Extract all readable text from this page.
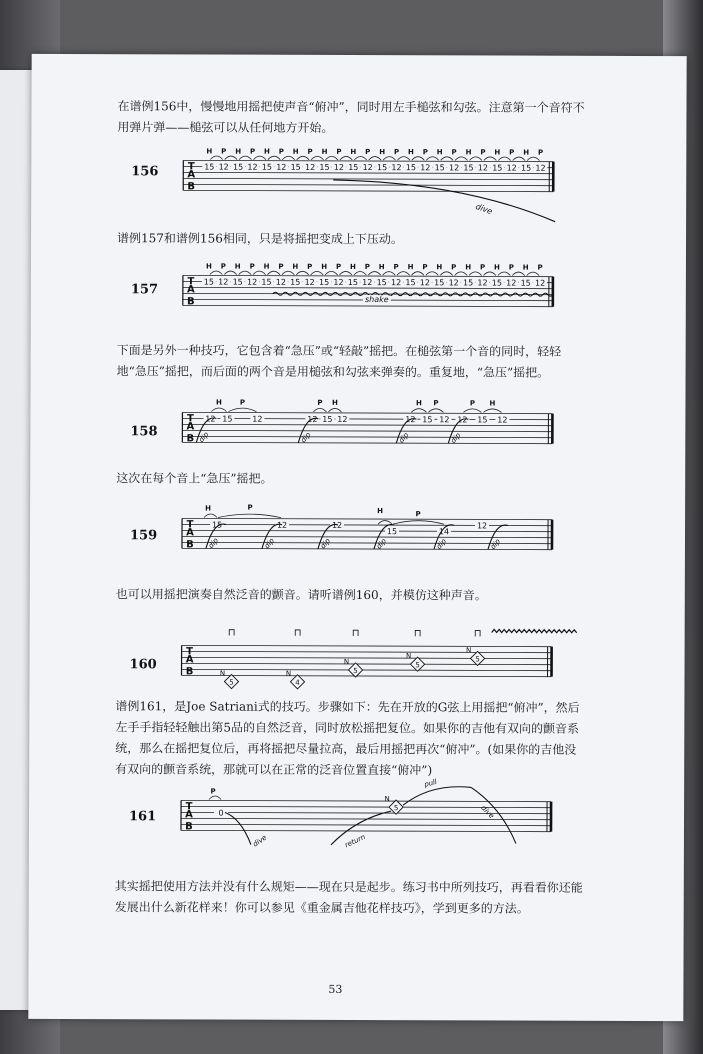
在谱例156中，慢慢地用摇把使声音“俯冲”，同时用左手槌弦和勾弦。注意第一个音符不用弹片弹——槌弦可以从任何地方开始。

156	T
A
B
15
H
12
P
15
H
12
P
15
H
12
P
15
H
12
P
15
H
12
P
15
H
12
P
15
H
12
P
15
H
12
P
15
H
12
P
15
H
12
P
15
H
12
P
15
H
12
P
dive

谱例157和谱例156相同，只是将摇把变成上下压动。

157
T
A
B
15
H
12
P
15
H
12
P
15
H
12
P
15
H
12
P
15
H
12
P
15
H
12
P
15
H
12
P
15
H
12
P
15
H
12
P
15
H
12
P
15
H
12
P
15
H
12
P
shake

下面是另外一种技巧，它包含着“急压”或“轻敲”摇把。在槌弦第一个音的同时，轻轻地“急压”摇把，而后面的两个音是用槌弦和勾弦来弹奏的。重复地，“急压”摇把。

158
T
A
B
12
H
15
P
12
dip
12
P
15
H
12
dip
12
H
15
P
12
dip
12
P
15
H
12
dip

这次在每个音上“急压”摇把。

159
T
A
B
15	12	12
15	14
12
H	P	H	P
dip	dip	dip	dip	dip	dip

也可以用摇把演奏自然泛音的颤音。请听谱例160，并模仿这种声音。

160
T
A
B
5
N
⊓
4
N
⊓
5
N
⊓
5
N
⊓
5
N
⊓

谱例161，是Joe Satriani式的技巧。步骤如下：先在开放的G弦上用摇把“俯冲”，然后左手手指轻轻触出第5品的自然泛音，同时放松摇把复位。如果你的吉他有双向的颤音系统，那么在摇把复位后，再将摇把尽量拉高，最后用摇把再次“俯冲”。(如果你的吉他没有双向的颤音系统，那就可以在正常的泛音位置直接“俯冲”)

161
T
A
B
0
P
dive	return
5
N
pull
dive

其实摇把使用方法并没有什么规矩——现在只是起步。练习书中所列技巧，再看看你还能发展出什么新花样来！你可以参见《重金属吉他花样技巧》，学到更多的方法。

53
